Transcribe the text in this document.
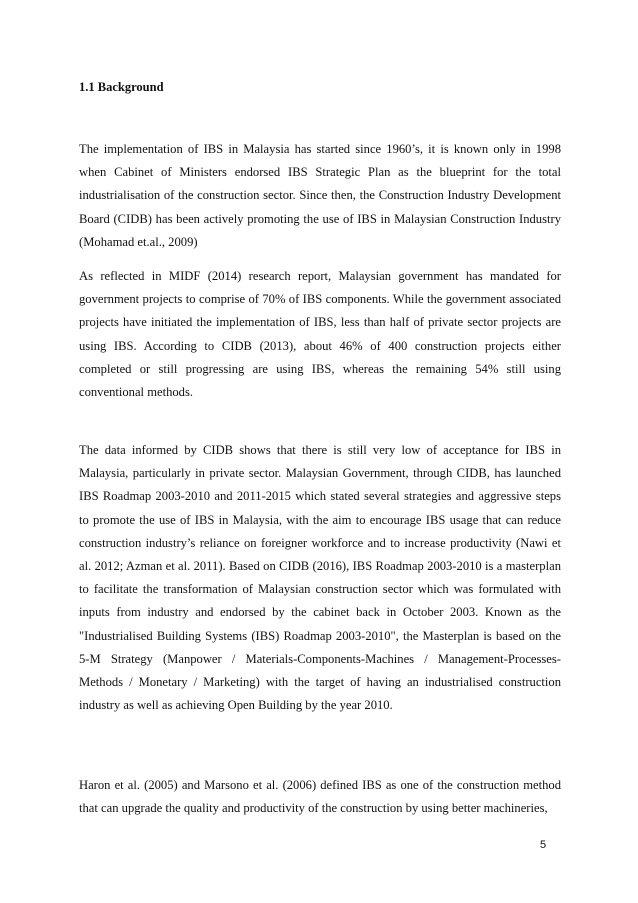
1.1 Background

The implementation of IBS in Malaysia has started since 1960’s, it is known only in 1998 when Cabinet of Ministers endorsed IBS Strategic Plan as the blueprint for the total industrialisation of the construction sector. Since then, the Construction Industry Development Board (CIDB) has been actively promoting the use of IBS in Malaysian Construction Industry (Mohamad et.al., 2009)

As reflected in MIDF (2014) research report, Malaysian government has mandated for government projects to comprise of 70% of IBS components. While the government associated projects have initiated the implementation of IBS, less than half of private sector projects are using IBS. According to CIDB (2013), about 46% of 400 construction projects either completed or still progressing are using IBS, whereas the remaining 54% still using conventional methods.

The data informed by CIDB shows that there is still very low of acceptance for IBS in Malaysia, particularly in private sector. Malaysian Government, through CIDB, has launched IBS Roadmap 2003-2010 and 2011-2015 which stated several strategies and aggressive steps to promote the use of IBS in Malaysia, with the aim to encourage IBS usage that can reduce construction industry’s reliance on foreigner workforce and to increase productivity (Nawi et al. 2012; Azman et al. 2011). Based on CIDB (2016), IBS Roadmap 2003-2010 is a masterplan to facilitate the transformation of Malaysian construction sector which was formulated with inputs from industry and endorsed by the cabinet back in October 2003. Known as the "Industrialised Building Systems (IBS) Roadmap 2003-2010", the Masterplan is based on the 5-M Strategy (Manpower / Materials-Components-Machines / Management-Processes-Methods / Monetary / Marketing) with the target of having an industrialised construction industry as well as achieving Open Building by the year 2010.

Haron et al. (2005) and Marsono et al. (2006) defined IBS as one of the construction method that can upgrade the quality and productivity of the construction by using better machineries,

5
